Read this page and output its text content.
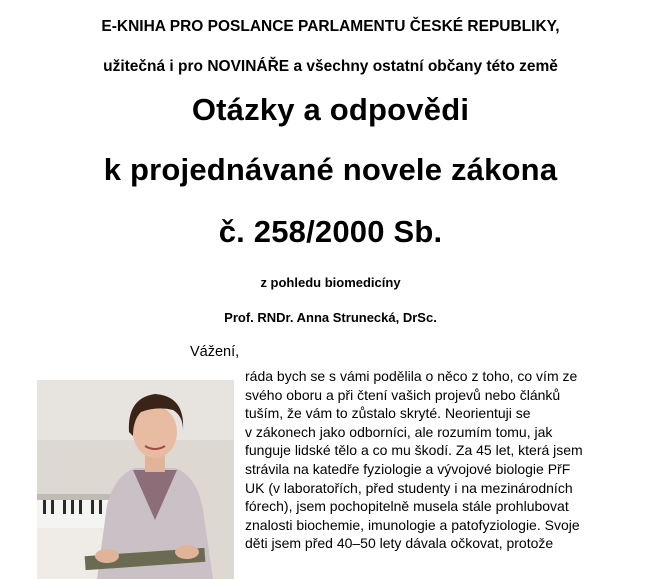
E-KNIHA PRO POSLANCE PARLAMENTU ČESKÉ REPUBLIKY,
užitečná i pro NOVINÁŘE a všechny ostatní občany této země
Otázky a odpovědi
k projednávané novele zákona
č. 258/2000 Sb.
z pohledu biomedicíny
Prof. RNDr. Anna Strunecká, DrSc.
Vážení,

ráda bych se s vámi podělila o něco z toho, co vím ze
svého oboru a při čtení vašich projevů nebo článků
tuším, že vám to zůstalo skryté. Neorientuji se
v zákonech jako odborníci, ale rozumím tomu, jak
funguje lidské tělo a co mu škodí. Za 45 let, která jsem
strávila na katedře fyziologie a vývojové biologie PřF
UK (v laboratořích, před studenty i na mezinárodních
fórech), jsem pochopitelně musela stále prohlubovat
znalosti biochemie, imunologie a patofyziologie. Svoje
děti jsem před 40–50 lety dávala očkovat, protože
